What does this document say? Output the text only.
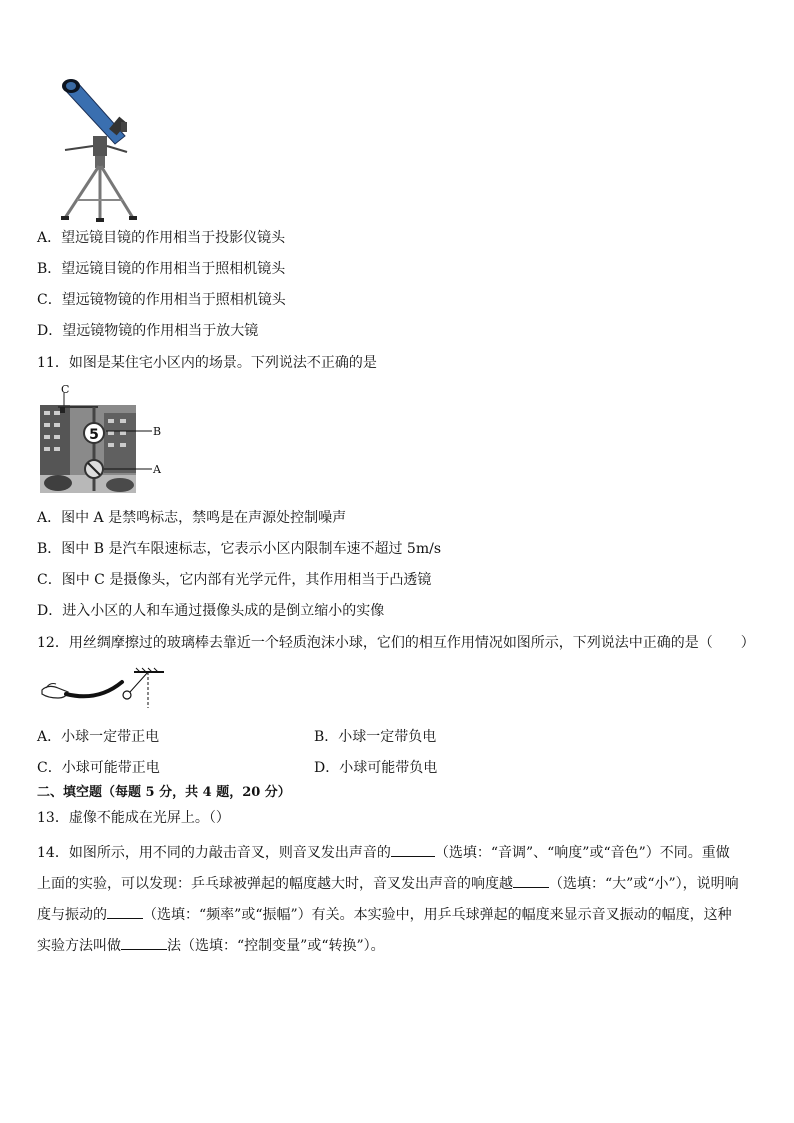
A．望远镜目镜的作用相当于投影仪镜头
B．望远镜目镜的作用相当于照相机镜头
C．望远镜物镜的作用相当于照相机镜头
D．望远镜物镜的作用相当于放大镜
11．如图是某住宅小区内的场景。下列说法不正确的是
5
C
B
A
A．图中 A 是禁鸣标志，禁鸣是在声源处控制噪声
B．图中 B 是汽车限速标志，它表示小区内限制车速不超过 5m/s
C．图中 C 是摄像头，它内部有光学元件，其作用相当于凸透镜
D．进入小区的人和车通过摄像头成的是倒立缩小的实像
12．用丝绸摩擦过的玻璃棒去靠近一个轻质泡沫小球，它们的相互作用情况如图所示，下列说法中正确的是（　　）
A．小球一定带正电	B．小球一定带负电
C．小球可能带正电	D．小球可能带负电
二、填空题（每题 5 分，共 4 题，20 分）
13．虚像不能成在光屏上。（）
14．如图所示，用不同的力敲击音叉，则音叉发出声音的	（选填：“音调”、“响度”或“音色”）不同。重做
上面的实验，可以发现：乒乓球被弹起的幅度越大时，音叉发出声音的响度越	（选填：“大”或“小”），说明响
度与振动的	（选填：“频率”或“振幅”）有关。本实验中，用乒乓球弹起的幅度来显示音叉振动的幅度，这种
实验方法叫做	法（选填：“控制变量”或“转换”）。
